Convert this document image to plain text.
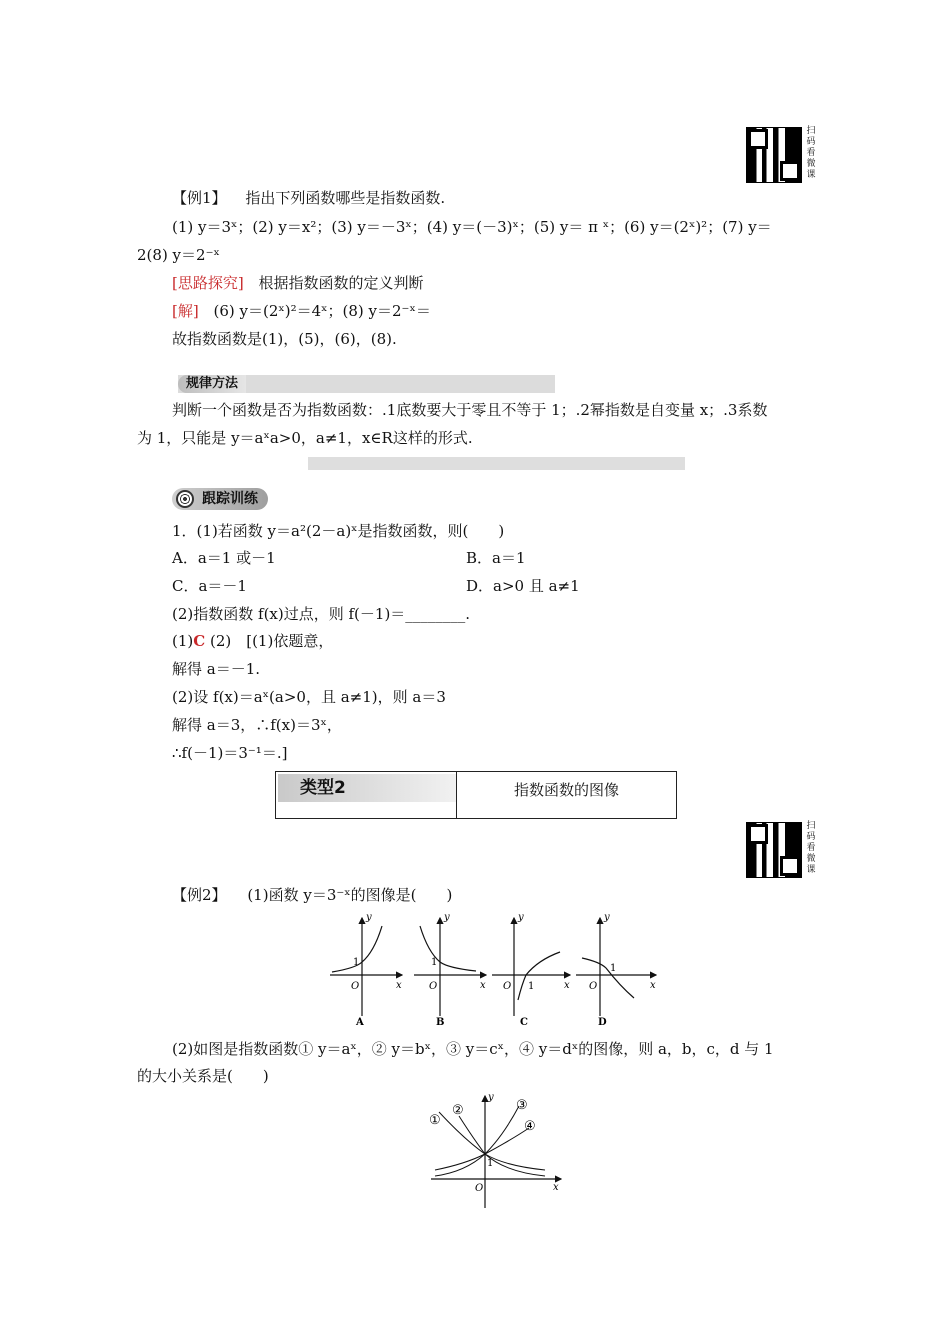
扫
码
看
微
课
【例1】 指出下列函数哪些是指数函数.
(1) y＝3ˣ；(2) y＝x²；(3) y＝－3ˣ；(4) y＝(－3)ˣ；(5) y＝ π ˣ；(6) y＝(2ˣ)²；(7) y＝
2(8) y＝2⁻ˣ
[思路探究] 根据指数函数的定义判断
[解] (6) y＝(2ˣ)²＝4ˣ；(8) y＝2⁻ˣ＝
故指数函数是(1)，(5)，(6)，(8).
规律方法
判断一个函数是否为指数函数：.1底数要大于零且不等于 1；.2幂指数是自变量 x；.3系数
为 1，只能是 y＝aˣa>0，a≠1，x∈R这样的形式.
跟踪训练
1．(1)若函数 y＝a²(2－a)ˣ是指数函数，则(　　)
A．a＝1 或－1	B．a＝1
C．a＝－1	D．a>0 且 a≠1
(2)指数函数 f(x)过点，则 f(－1)＝________.
(1)C (2)　[(1)依题意，
解得 a＝－1.
(2)设 f(x)＝aˣ(a>0，且 a≠1)，则 a＝3
解得 a＝3，∴f(x)＝3ˣ，
∴f(－1)＝3⁻¹＝.]
类型2	指数函数的图像
扫
码
看
微
课
【例2】 (1)函数 y＝3⁻ˣ的图像是(　　)
y
x
O
1
A
y
x
O
1
B
y
x
O 1
C
y
x
O
1
D
(2)如图是指数函数① y＝aˣ，② y＝bˣ，③ y＝cˣ，④ y＝dˣ的图像，则 a，b，c，d 与 1
的大小关系是(　　)
①
②	③
④
y
x
O
1
